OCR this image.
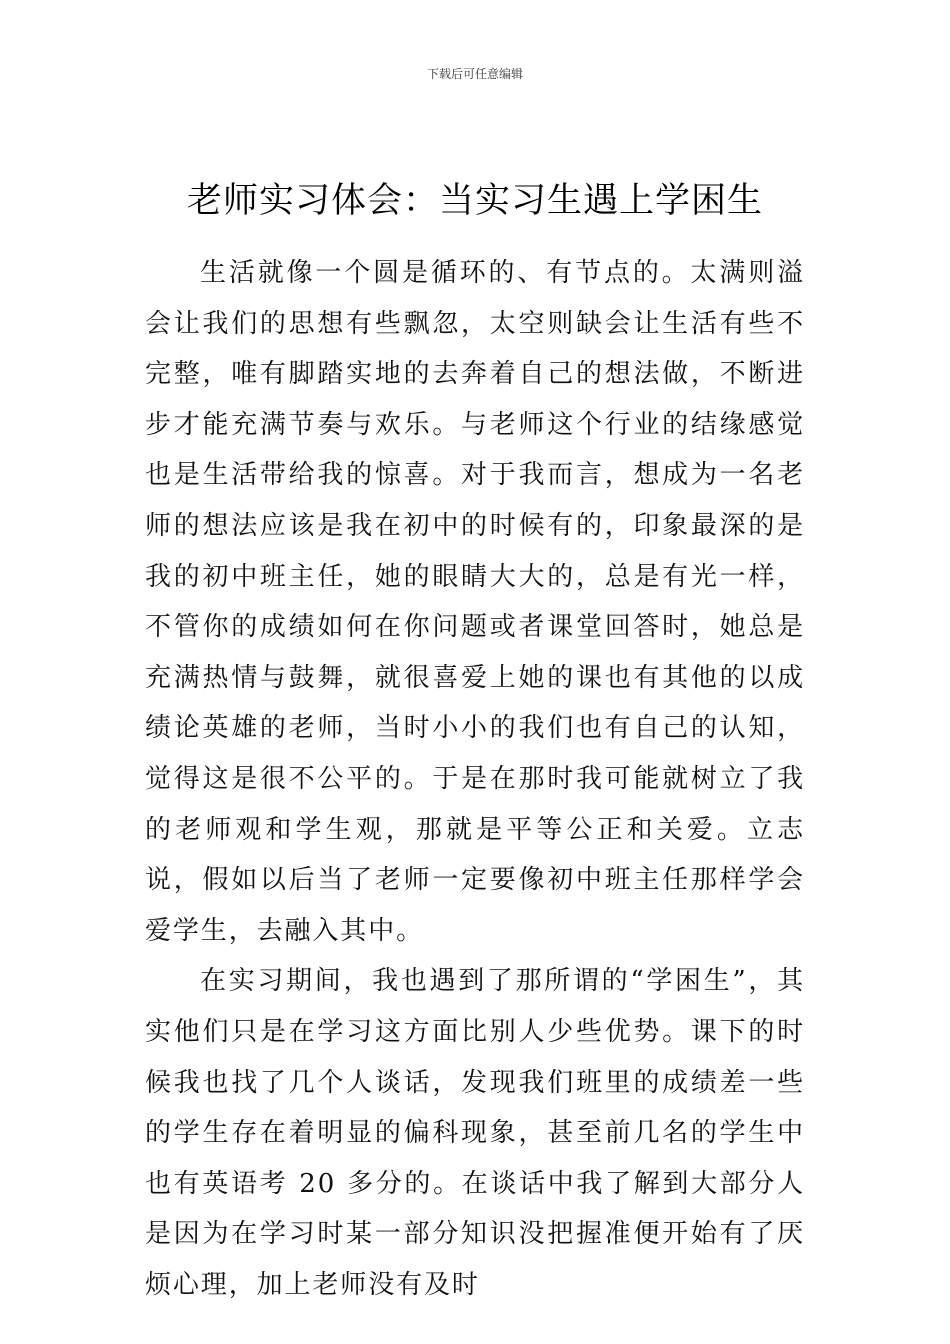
下载后可任意编辑
老师实习体会：当实习生遇上学困生

生活就像一个圆是循环的、有节点的。太满则溢会让我们的思想有些飘忽，太空则缺会让生活有些不完整，唯有脚踏实地的去奔着自己的想法做，不断进步才能充满节奏与欢乐。与老师这个行业的结缘感觉也是生活带给我的惊喜。对于我而言，想成为一名老师的想法应该是我在初中的时候有的，印象最深的是我的初中班主任，她的眼睛大大的，总是有光一样，不管你的成绩如何在你问题或者课堂回答时，她总是充满热情与鼓舞，就很喜爱上她的课也有其他的以成绩论英雄的老师，当时小小的我们也有自己的认知，觉得这是很不公平的。于是在那时我可能就树立了我的老师观和学生观，那就是平等公正和关爱。立志说，假如以后当了老师一定要像初中班主任那样学会爱学生，去融入其中。

在实习期间，我也遇到了那所谓的“学困生”，其实他们只是在学习这方面比别人少些优势。课下的时候我也找了几个人谈话，发现我们班里的成绩差一些的学生存在着明显的偏科现象，甚至前几名的学生中也有英语考 20 多分的。在谈话中我了解到大部分人是因为在学习时某一部分知识没把握准便开始有了厌烦心理，加上老师没有及时
